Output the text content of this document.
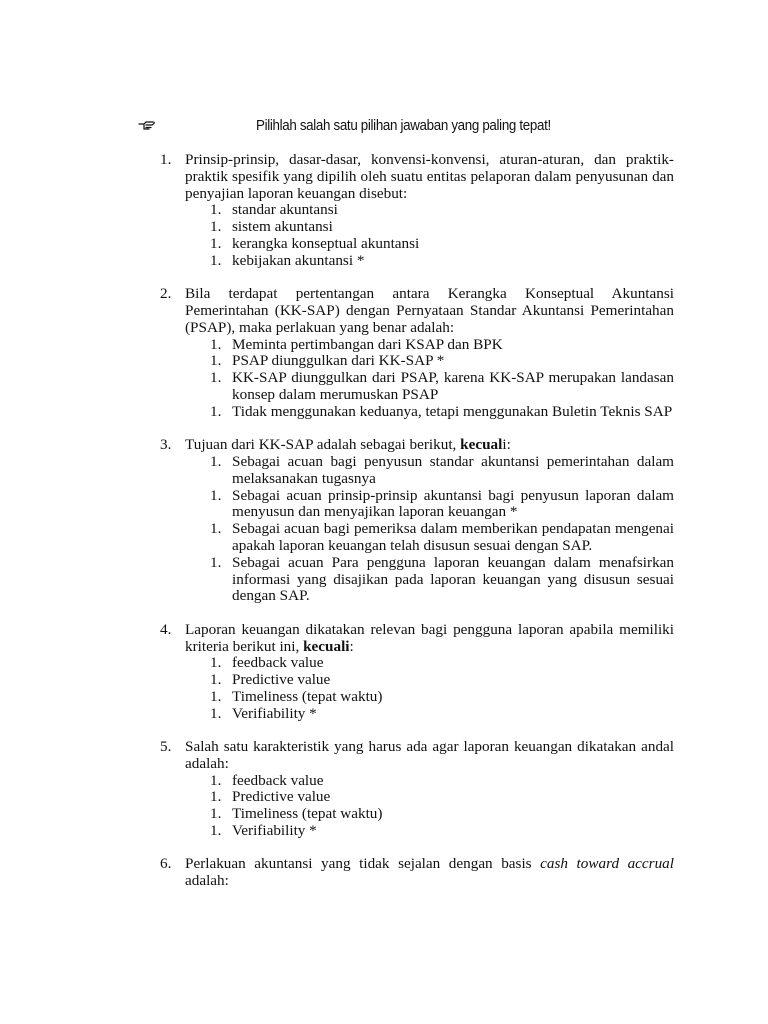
Pilihlah salah satu pilihan jawaban yang paling tepat!
1. Prinsip-prinsip, dasar-dasar, konvensi-konvensi, aturan-aturan, dan praktik-praktik spesifik yang dipilih oleh suatu entitas pelaporan dalam penyusunan dan penyajian laporan keuangan disebut:
1. standar akuntansi
1. sistem akuntansi
1. kerangka konseptual akuntansi
1. kebijakan akuntansi *
2. Bila terdapat pertentangan antara Kerangka Konseptual Akuntansi Pemerintahan (KK-SAP) dengan Pernyataan Standar Akuntansi Pemerintahan (PSAP), maka perlakuan yang benar adalah:
1. Meminta pertimbangan dari KSAP dan BPK
1. PSAP diunggulkan dari KK-SAP *
1. KK-SAP diunggulkan dari PSAP, karena KK-SAP merupakan landasan konsep dalam merumuskan PSAP
1. Tidak menggunakan keduanya, tetapi menggunakan Buletin Teknis SAP
3. Tujuan dari KK-SAP adalah sebagai berikut, kecuali:
1. Sebagai acuan bagi penyusun standar akuntansi pemerintahan dalam melaksanakan tugasnya
1. Sebagai acuan prinsip-prinsip akuntansi bagi penyusun laporan dalam menyusun dan menyajikan laporan keuangan *
1. Sebagai acuan bagi pemeriksa dalam memberikan pendapatan mengenai apakah laporan keuangan telah disusun sesuai dengan SAP.
1. Sebagai acuan Para pengguna laporan keuangan dalam menafsirkan informasi yang disajikan pada laporan keuangan yang disusun sesuai dengan SAP.
4. Laporan keuangan dikatakan relevan bagi pengguna laporan apabila memiliki kriteria berikut ini, kecuali:
1. feedback value
1. Predictive value
1. Timeliness (tepat waktu)
1. Verifiability *
5. Salah satu karakteristik yang harus ada agar laporan keuangan dikatakan andal adalah:
1. feedback value
1. Predictive value
1. Timeliness (tepat waktu)
1. Verifiability *
6. Perlakuan akuntansi yang tidak sejalan dengan basis cash toward accrual adalah:
